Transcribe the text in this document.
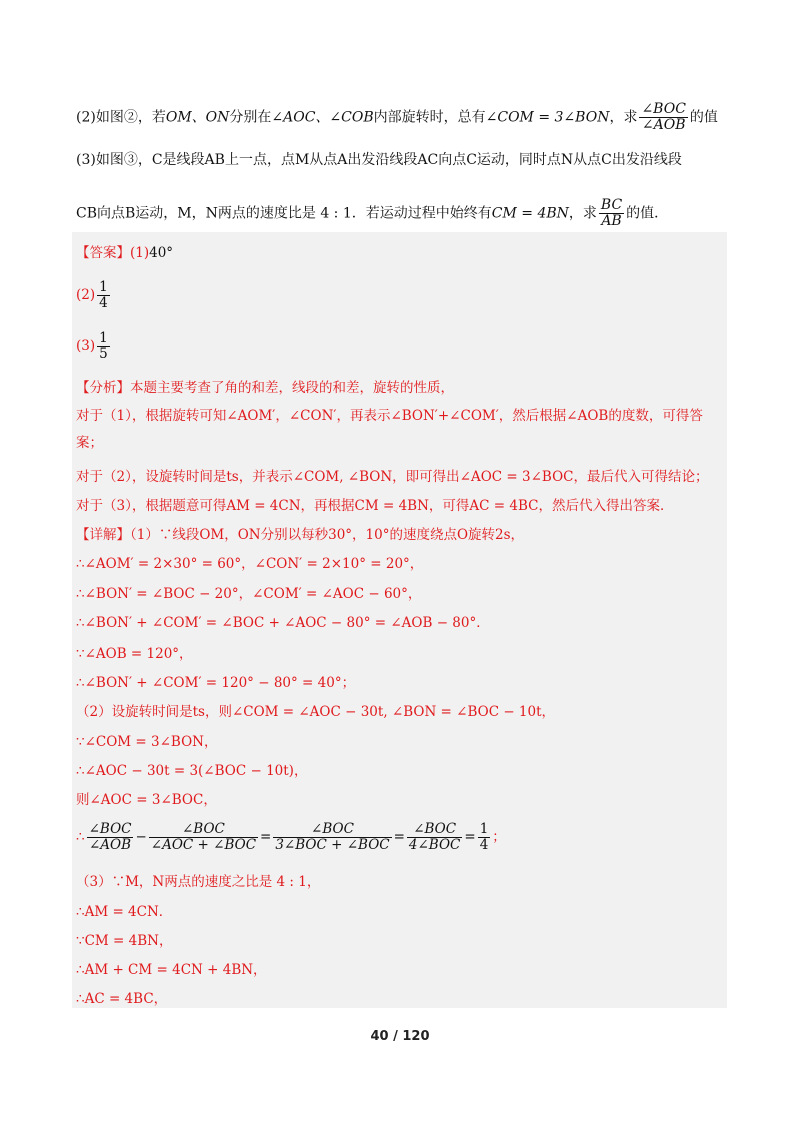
(2)如图②，若OM、ON分别在∠AOC、∠COB内部旋转时，总有∠COM = 3∠BON，求 $\frac{\text{∠BOC}}{\text{∠AOB}}$ 的值
(3)如图③，C是线段AB上一点，点M从点A出发沿线段AC向点C运动，同时点N从点C出发沿线段
CB向点B运动，M，N两点的速度比是 4 : 1．若运动过程中始终有CM = 4BN，求 $\frac{BC}{AB}$ 的值．
【答案】(1)40°
$(2) \frac{1}{4}$
$(3) \frac{1}{5}$
【分析】本题主要考查了角的和差，线段的和差，旋转的性质，
对于（1），根据旋转可知∠AOM′，∠CON′，再表示∠BON′+∠COM′，然后根据∠AOB的度数，可得答
案；
对于（2），设旋转时间是ts，并表示∠COM, ∠BON，即可得出∠AOC = 3∠BOC，最后代入可得结论；
对于（3），根据题意可得AM = 4CN，再根据CM = 4BN，可得AC = 4BC，然后代入得出答案．
【详解】（1）∵线段OM，ON分别以每秒30°，10°的速度绕点O旋转2s，
∴∠AOM′ = 2×30° = 60°，∠CON′ = 2×10° = 20°，
∴∠BON′ = ∠BOC − 20°，∠COM′ = ∠AOC − 60°，
∴∠BON′ + ∠COM′ = ∠BOC + ∠AOC − 80° = ∠AOB − 80°．
∵∠AOB = 120°，
∴∠BON′ + ∠COM′ = 120° − 80° = 40°；
（2）设旋转时间是ts，则∠COM = ∠AOC − 30t, ∠BON = ∠BOC − 10t，
∵∠COM = 3∠BON，
∴∠AOC − 30t = 3(∠BOC − 10t)，
则∠AOC = 3∠BOC，
∴ $\frac{\text{∠BOC}}{\text{∠AOB}} - \frac{\text{∠BOC}}{\text{∠AOC + ∠BOC}} = \frac{\text{∠BOC}}{\text{3∠BOC + ∠BOC}} = \frac{\text{∠BOC}}{\text{4∠BOC}} = \frac{1}{4}$ ；
（3）∵M，N两点的速度之比是 4 : 1，
∴AM = 4CN．
∵CM = 4BN，
∴AM + CM = 4CN + 4BN，
∴AC = 4BC，
40 / 120
